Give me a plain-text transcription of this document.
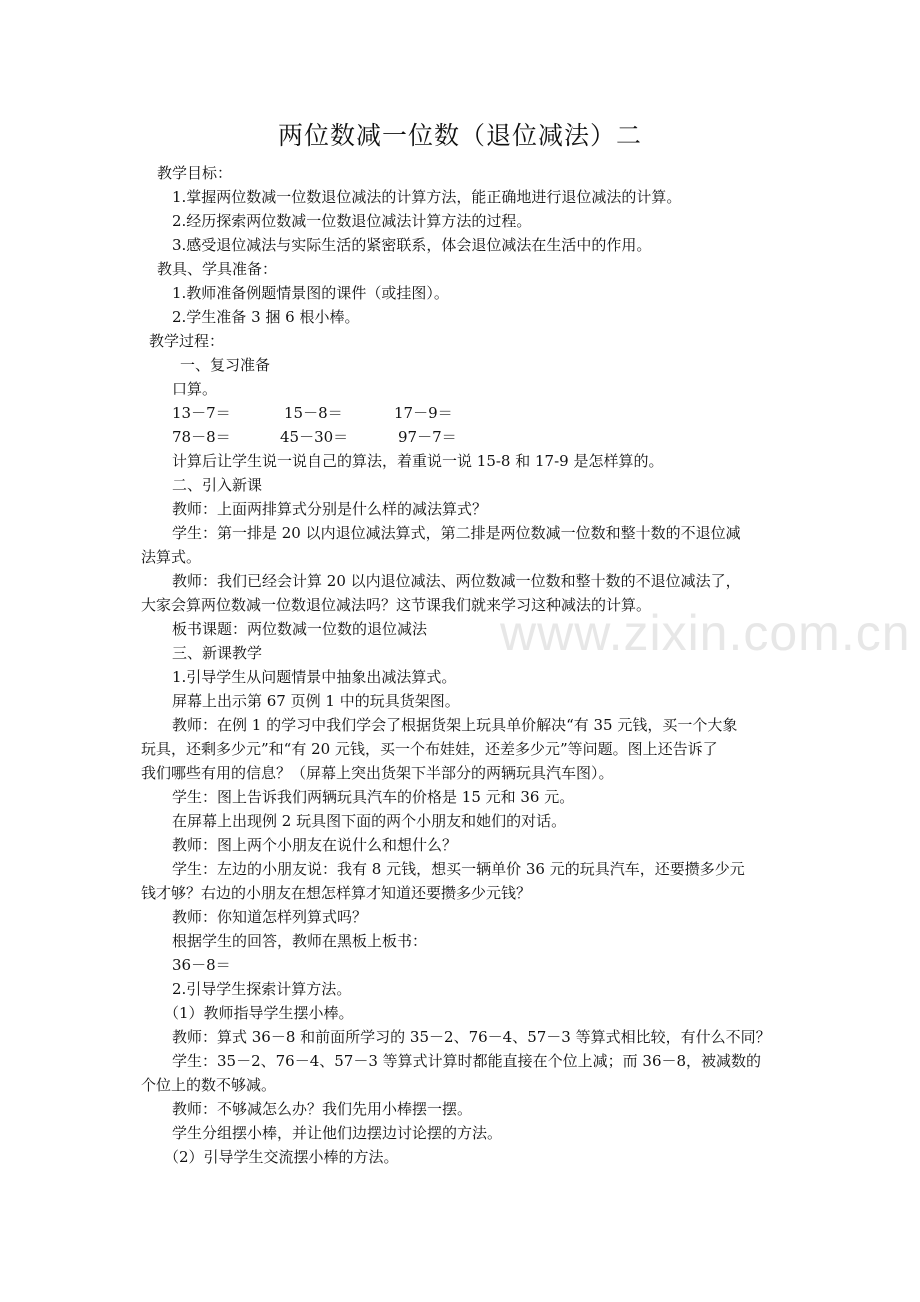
两位数减一位数（退位减法）二
www.zixin.com.cn
教学目标：
1.掌握两位数减一位数退位减法的计算方法，能正确地进行退位减法的计算。
2.经历探索两位数减一位数退位减法计算方法的过程。
3.感受退位减法与实际生活的紧密联系，体会退位减法在生活中的作用。
教具、学具准备：
1.教师准备例题情景图的课件（或挂图）。
2.学生准备 3 捆 6 根小棒。
教学过程：
一、复习准备
口算。
13－7＝	15－8＝	17－9＝
78－8＝	45－30＝	97－7＝
计算后让学生说一说自己的算法，着重说一说 15-8 和 17-9 是怎样算的。
二、引入新课
教师：上面两排算式分别是什么样的减法算式？
学生：第一排是 20 以内退位减法算式，第二排是两位数减一位数和整十数的不退位减
法算式。
教师：我们已经会计算 20 以内退位减法、两位数减一位数和整十数的不退位减法了，
大家会算两位数减一位数退位减法吗？这节课我们就来学习这种减法的计算。
板书课题：两位数减一位数的退位减法
三、新课教学
1.引导学生从问题情景中抽象出减法算式。
屏幕上出示第 67 页例 1 中的玩具货架图。
教师：在例 1 的学习中我们学会了根据货架上玩具单价解决“有 35 元钱，买一个大象
玩具，还剩多少元”和“有 20 元钱，买一个布娃娃，还差多少元”等问题。图上还告诉了
我们哪些有用的信息？（屏幕上突出货架下半部分的两辆玩具汽车图）。
学生：图上告诉我们两辆玩具汽车的价格是 15 元和 36 元。
在屏幕上出现例 2 玩具图下面的两个小朋友和她们的对话。
教师：图上两个小朋友在说什么和想什么？
学生：左边的小朋友说：我有 8 元钱，想买一辆单价 36 元的玩具汽车，还要攒多少元
钱才够？右边的小朋友在想怎样算才知道还要攒多少元钱？
教师：你知道怎样列算式吗？
根据学生的回答，教师在黑板上板书：
36－8＝
2.引导学生探索计算方法。
（1）教师指导学生摆小棒。
教师：算式 36－8 和前面所学习的 35－2、76－4、57－3 等算式相比较，有什么不同？
学生：35－2、76－4、57－3 等算式计算时都能直接在个位上减；而 36－8，被减数的
个位上的数不够减。
教师：不够减怎么办？我们先用小棒摆一摆。
学生分组摆小棒，并让他们边摆边讨论摆的方法。
（2）引导学生交流摆小棒的方法。
